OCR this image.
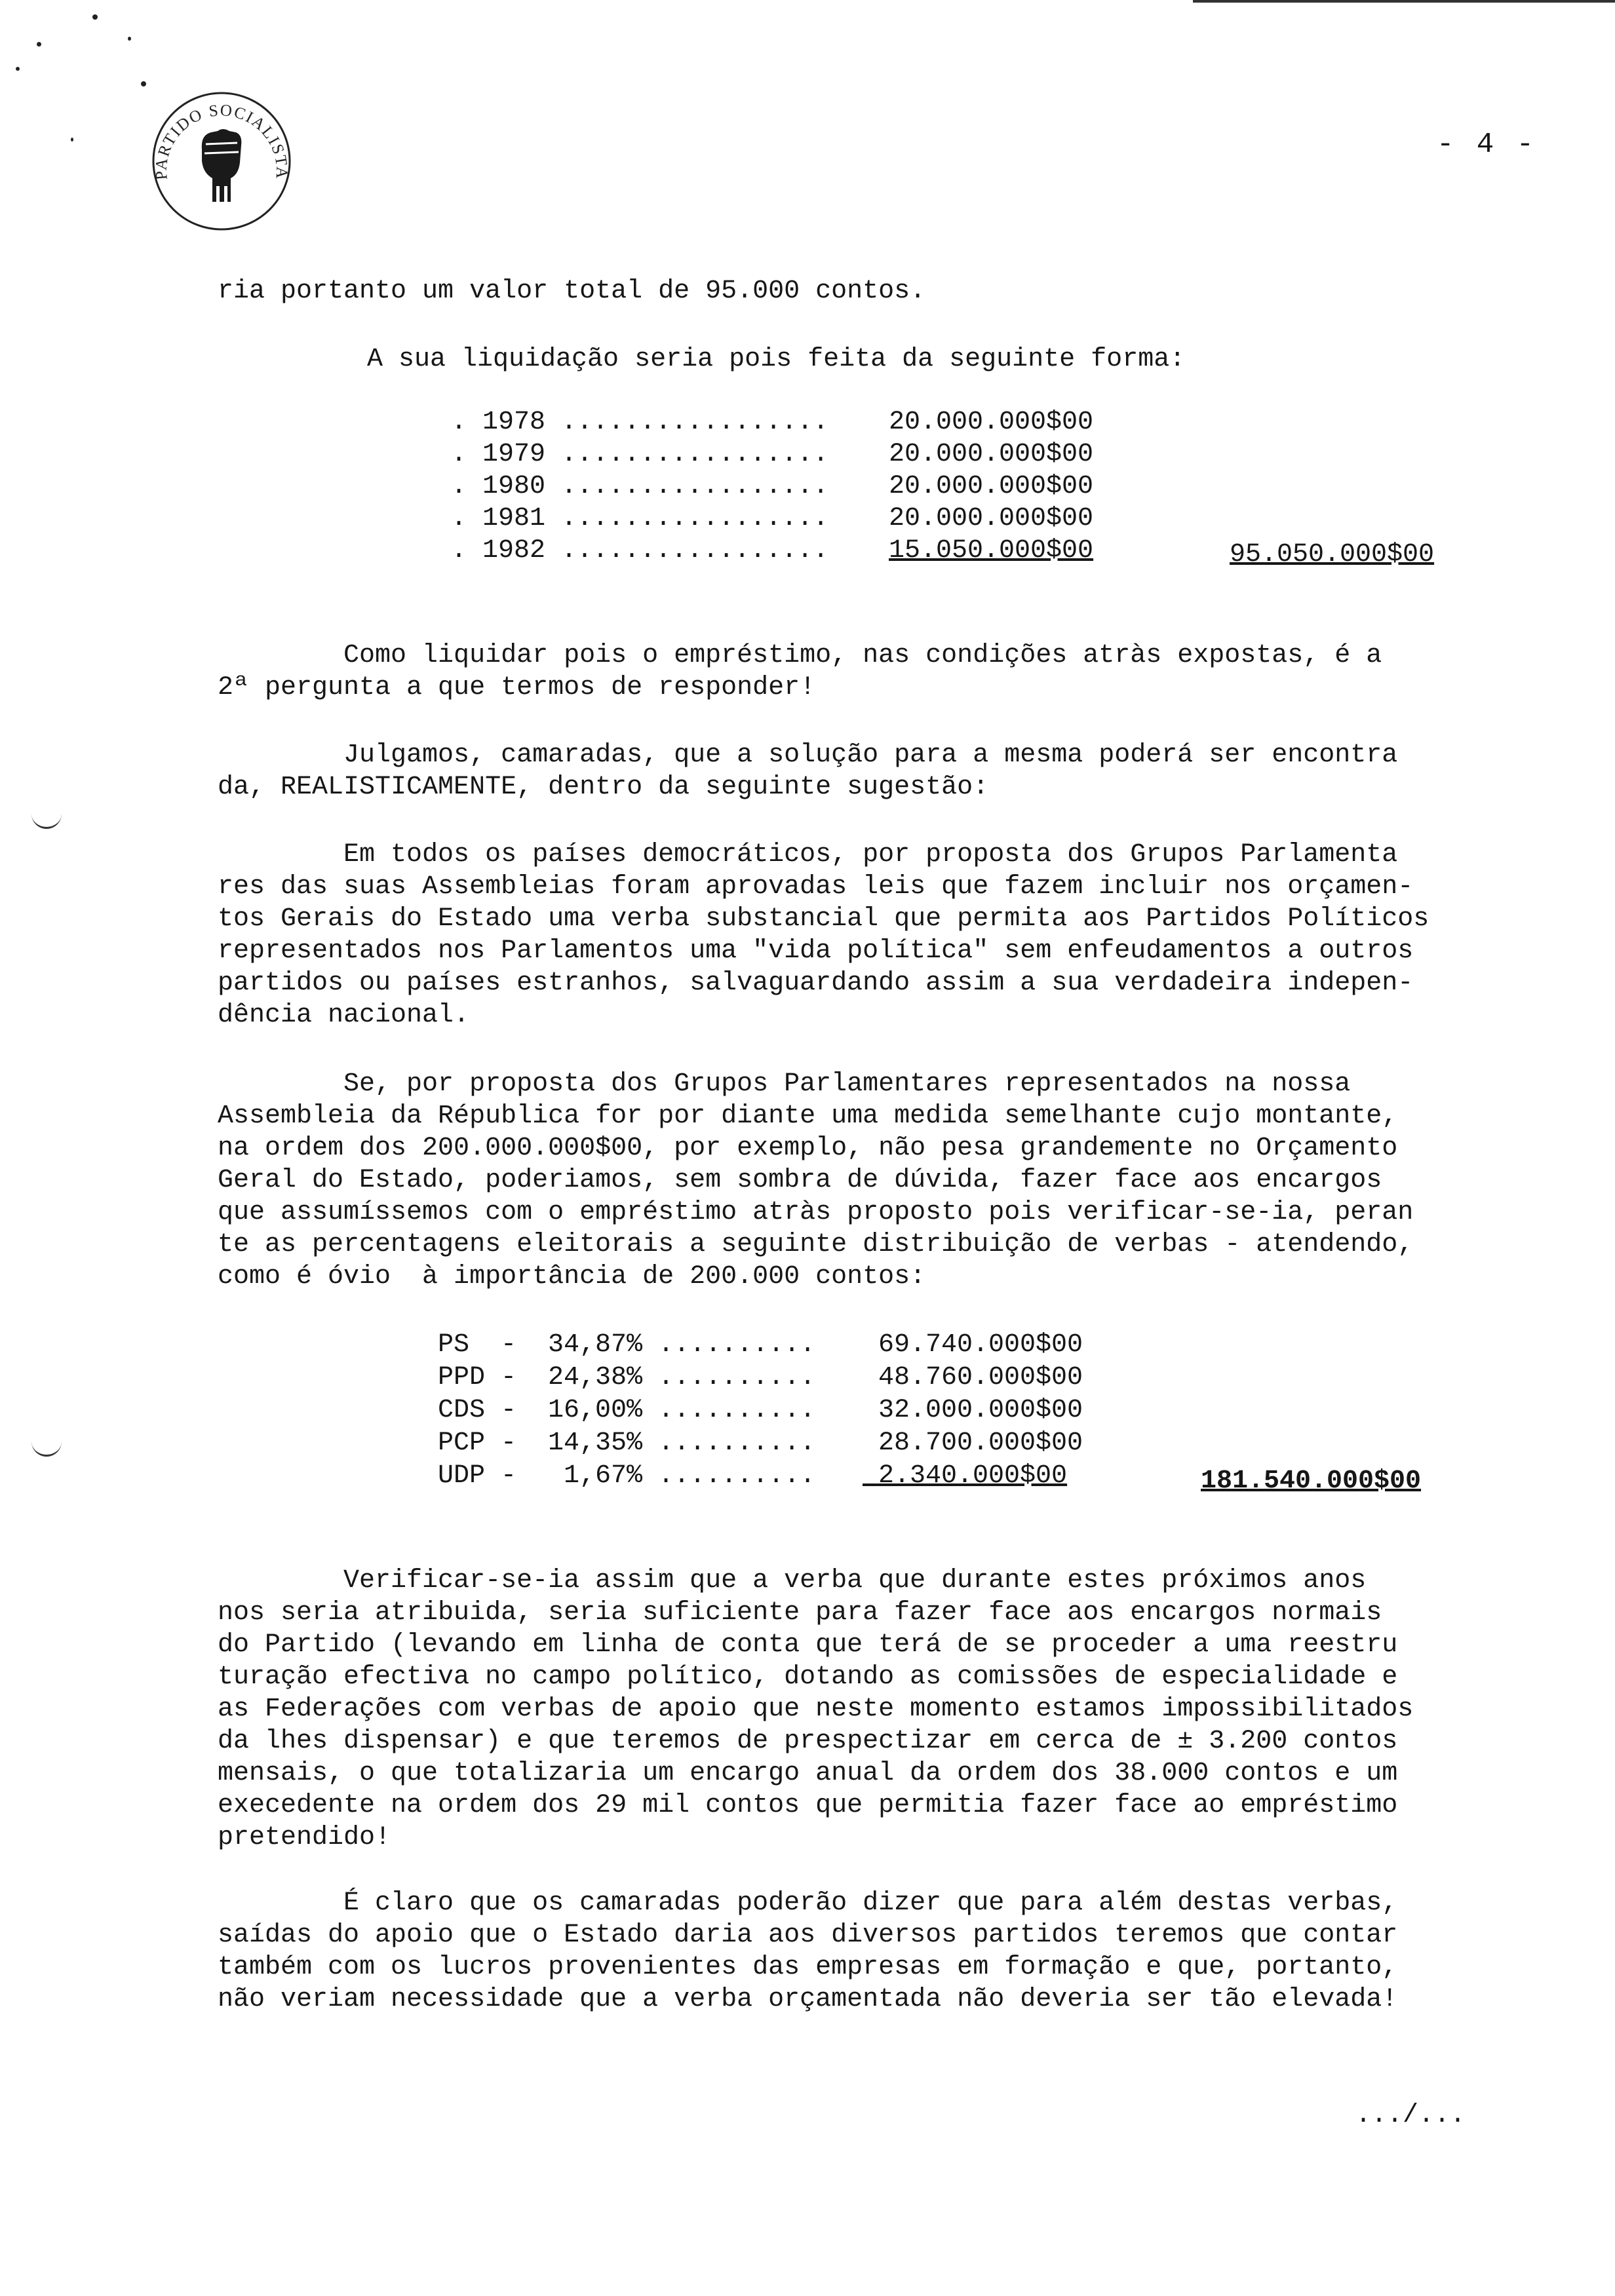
PARTIDO SOCIALISTA
- 4 -
ria portanto um valor total de 95.000 contos.
A sua liquidação seria pois feita da seguinte forma:
. 1978 ................. 20.000.000$00
. 1979 ................. 20.000.000$00
. 1980 ................. 20.000.000$00
. 1981 ................. 20.000.000$00
. 1982 ................. 15.050.000$00	95.050.000$00
Como liquidar pois o empréstimo, nas condições atràs expostas, é a
2ª pergunta a que termos de responder!
Julgamos, camaradas, que a solução para a mesma poderá ser encontra
da, REALISTICAMENTE, dentro da seguinte sugestão:
Em todos os países democráticos, por proposta dos Grupos Parlamenta
res das suas Assembleias foram aprovadas leis que fazem incluir nos orçamen-
tos Gerais do Estado uma verba substancial que permita aos Partidos Políticos
representados nos Parlamentos uma "vida política" sem enfeudamentos a outros
partidos ou países estranhos, salvaguardando assim a sua verdadeira indepen-
dência nacional.
Se, por proposta dos Grupos Parlamentares representados na nossa
Assembleia da Républica for por diante uma medida semelhante cujo montante,
na ordem dos 200.000.000$00, por exemplo, não pesa grandemente no Orçamento
Geral do Estado, poderiamos, sem sombra de dúvida, fazer face aos encargos
que assumíssemos com o empréstimo atràs proposto pois verificar-se-ia, peran
te as percentagens eleitorais a seguinte distribuição de verbas - atendendo,
como é óvio  à importância de 200.000 contos:
PS  -  34,87% .......... 69.740.000$00
PPD -  24,38% .......... 48.760.000$00
CDS -  16,00% .......... 32.000.000$00
PCP -  14,35% .......... 28.700.000$00
UDP -   1,67% .......... 2.340.000$00	181.540.000$00
Verificar-se-ia assim que a verba que durante estes próximos anos
nos seria atribuida, seria suficiente para fazer face aos encargos normais
do Partido (levando em linha de conta que terá de se proceder a uma reestru
turação efectiva no campo político, dotando as comissões de especialidade e
as Federações com verbas de apoio que neste momento estamos impossibilitados
da lhes dispensar) e que teremos de prespectizar em cerca de ± 3.200 contos
mensais, o que totalizaria um encargo anual da ordem dos 38.000 contos e um
execedente na ordem dos 29 mil contos que permitia fazer face ao empréstimo
pretendido!
É claro que os camaradas poderão dizer que para além destas verbas,
saídas do apoio que o Estado daria aos diversos partidos teremos que contar
também com os lucros provenientes das empresas em formação e que, portanto,
não veriam necessidade que a verba orçamentada não deveria ser tão elevada!
.../...
